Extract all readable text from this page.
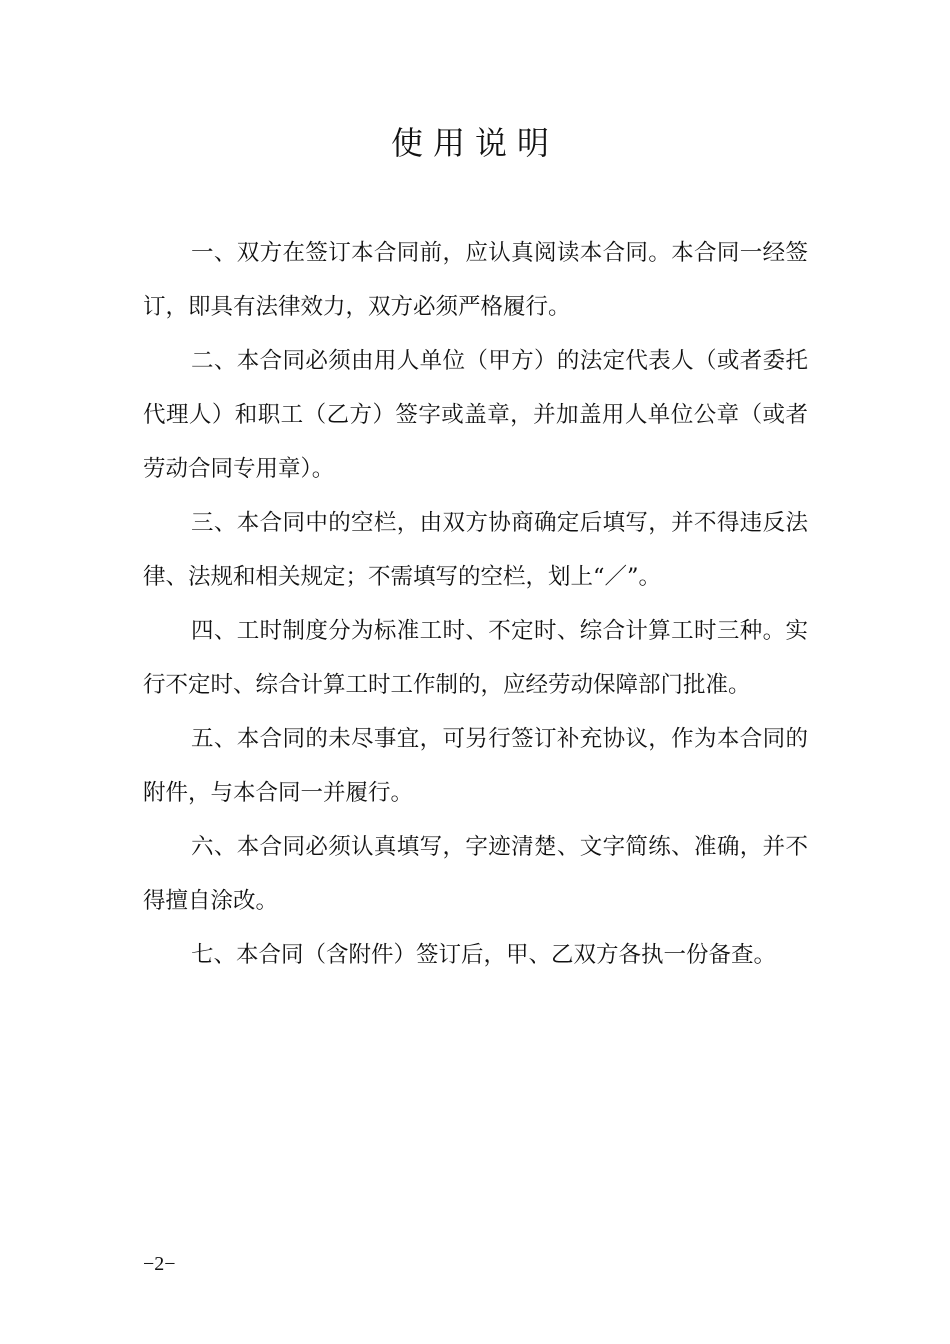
使用说明

一、双方在签订本合同前，应认真阅读本合同。本合同一经签订，即具有法律效力，双方必须严格履行。

二、本合同必须由用人单位（甲方）的法定代表人（或者委托代理人）和职工（乙方）签字或盖章，并加盖用人单位公章（或者劳动合同专用章）。

三、本合同中的空栏，由双方协商确定后填写，并不得违反法律、法规和相关规定；不需填写的空栏，划上“／”。

四、工时制度分为标准工时、不定时、综合计算工时三种。实行不定时、综合计算工时工作制的，应经劳动保障部门批准。

五、本合同的未尽事宜，可另行签订补充协议，作为本合同的附件，与本合同一并履行。

六、本合同必须认真填写，字迹清楚、文字简练、准确，并不得擅自涂改。

七、本合同（含附件）签订后，甲、乙双方各执一份备查。

−2−
